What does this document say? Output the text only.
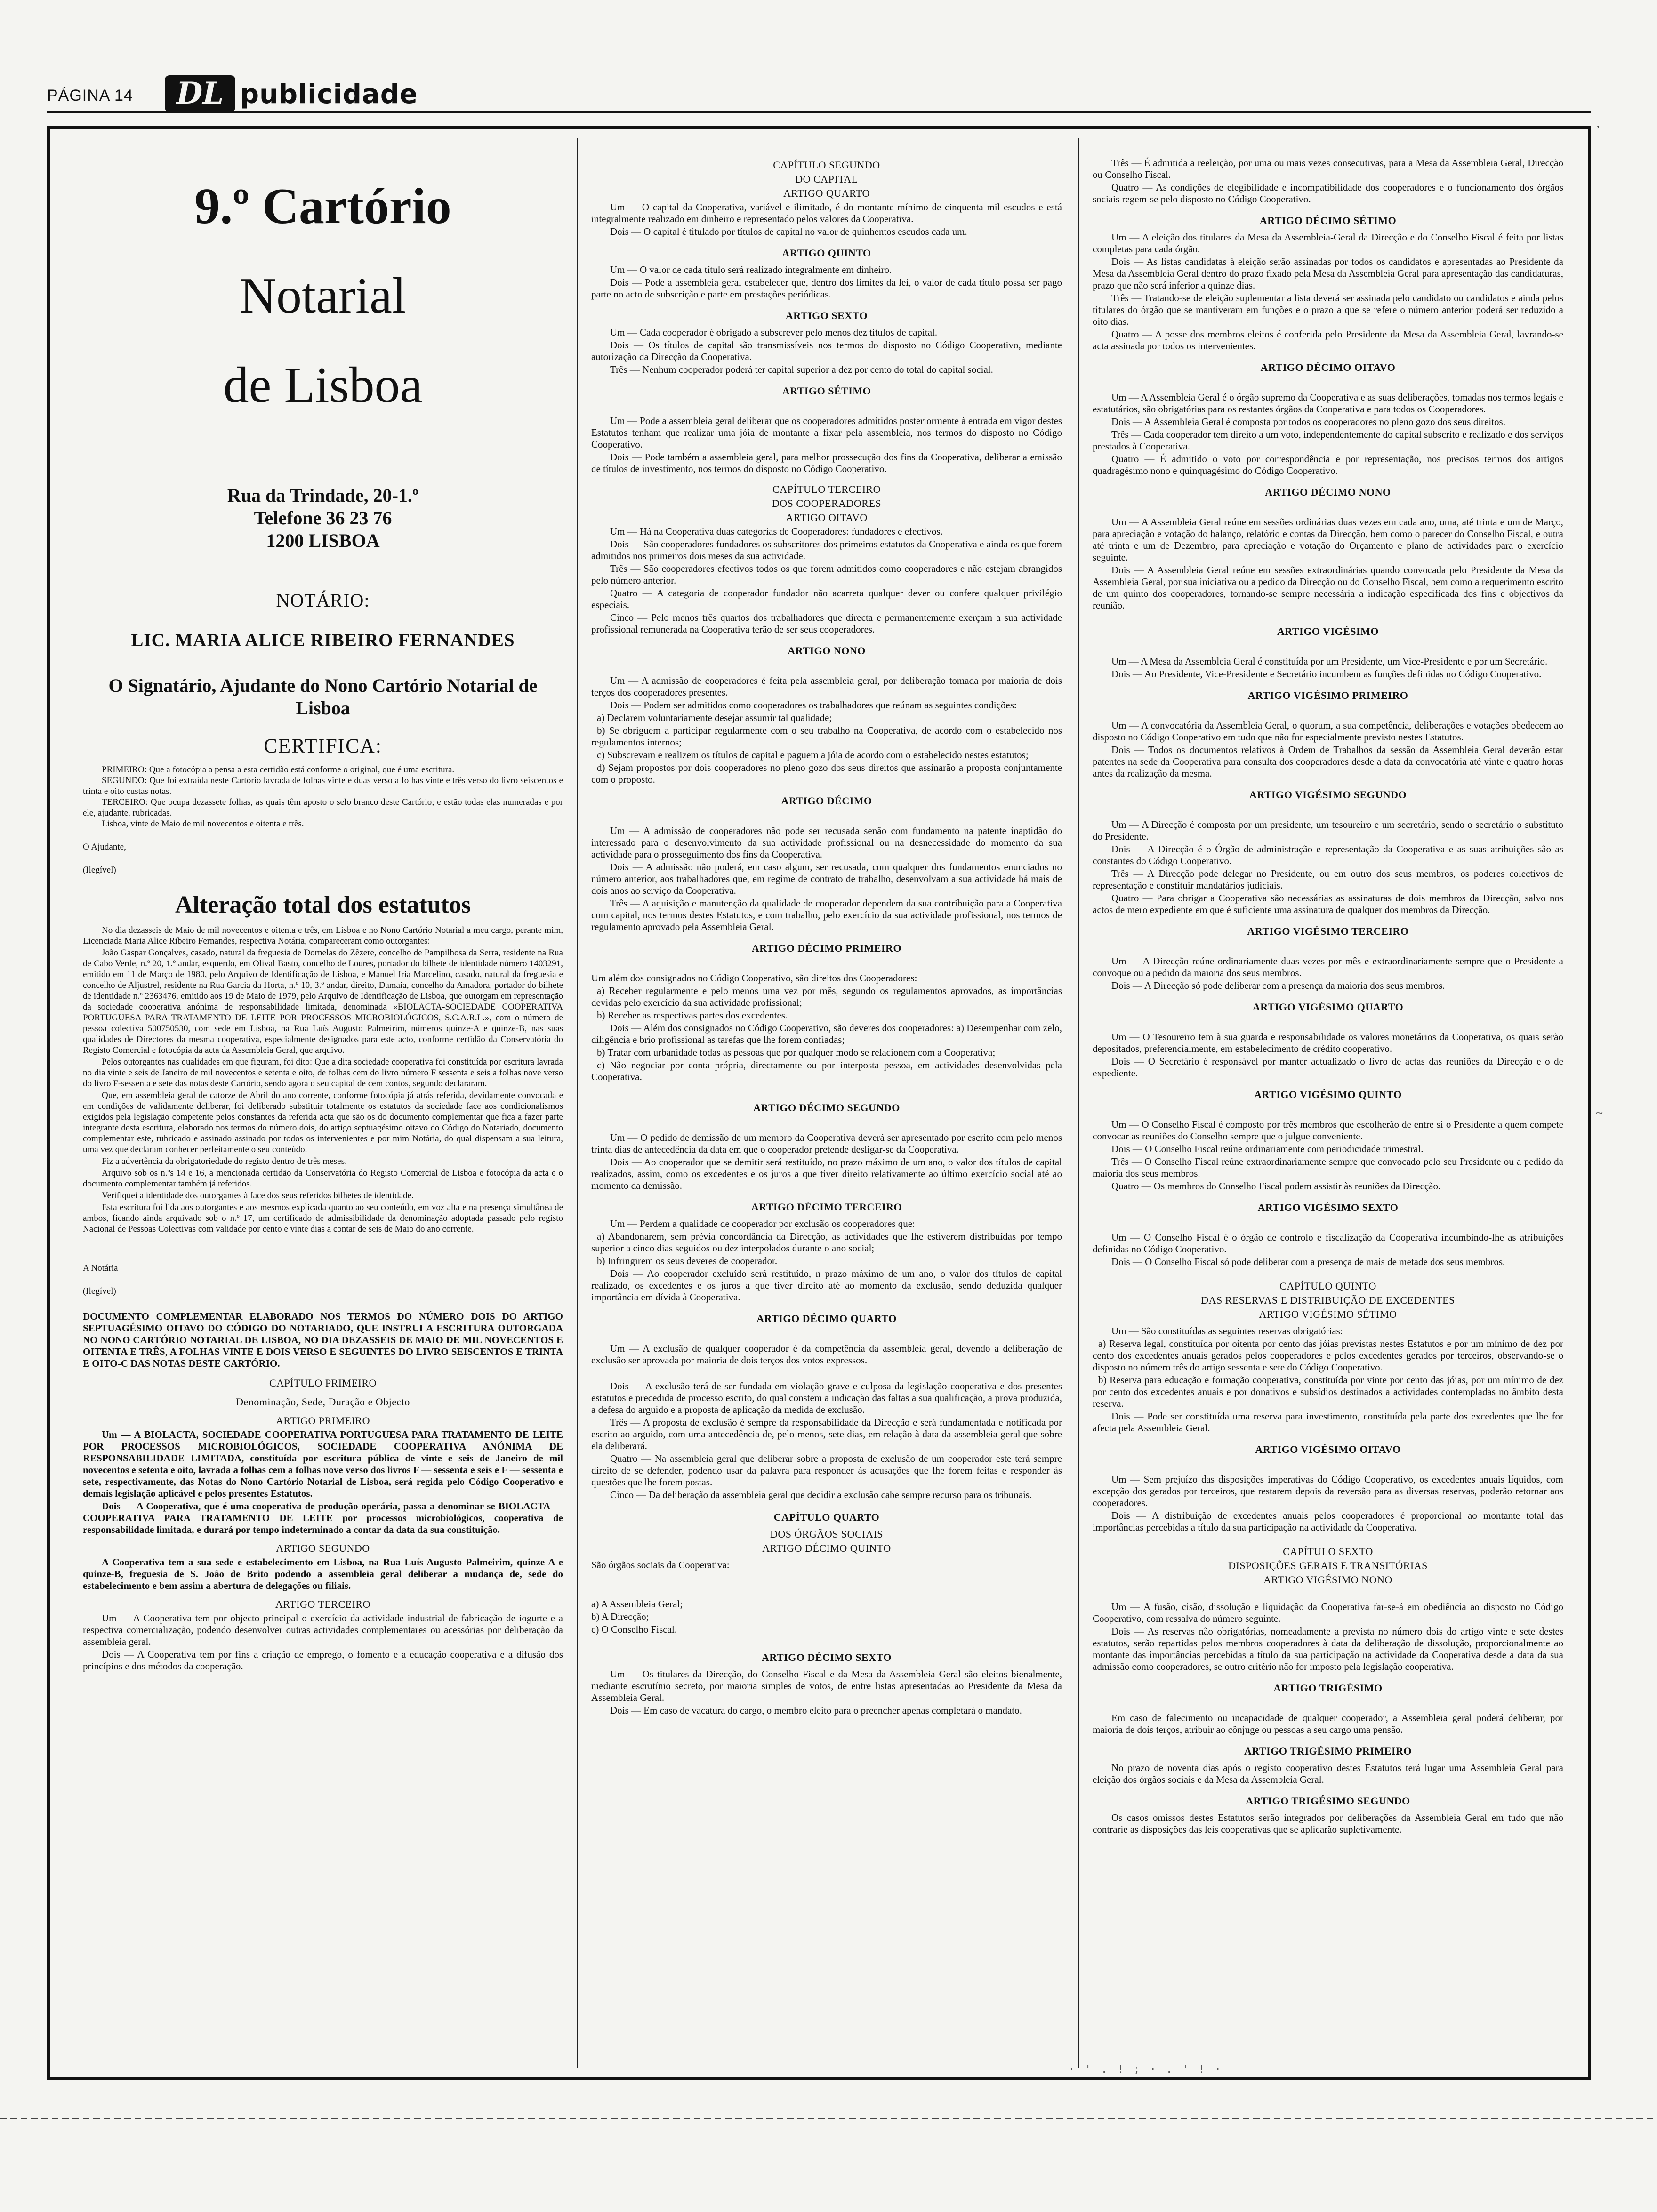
PÁGINA 14	DL publicidade
,
~
9.º Cartório
Notarial
de Lisboa
Rua da Trindade, 20-1.º
Telefone 36 23 76
1200 LISBOA
NOTÁRIO:
LIC. MARIA ALICE RIBEIRO FERNANDES
O Signatário, Ajudante do Nono Cartório Notarial de Lisboa
CERTIFICA:
PRIMEIRO: Que a fotocópia a pensa a esta certidão está conforme o original, que é uma escritura.
SEGUNDO: Que foi extraída neste Cartório lavrada de folhas vinte e duas verso a folhas vinte e três verso do livro seiscentos e trinta e oito custas notas.
TERCEIRO: Que ocupa dezassete folhas, as quais têm aposto o selo branco deste Cartório; e estão todas elas numeradas e por ele, ajudante, rubricadas.
Lisboa, vinte de Maio de mil novecentos e oitenta e três.
O Ajudante,
(Ilegível)
Alteração total dos estatutos
No dia dezasseis de Maio de mil novecentos e oitenta e três, em Lisboa e no Nono Cartório Notarial a meu cargo, perante mim, Licenciada Maria Alice Ribeiro Fernandes, respectiva Notária, compareceram como outorgantes:
João Gaspar Gonçalves, casado, natural da freguesia de Dornelas do Zêzere, concelho de Pampilhosa da Serra, residente na Rua de Cabo Verde, n.º 20, 1.º andar, esquerdo, em Olival Basto, concelho de Loures, portador do bilhete de identidade número 1403291, emitido em 11 de Março de 1980, pelo Arquivo de Identificação de Lisboa, e Manuel Iria Marcelino, casado, natural da freguesia e concelho de Aljustrel, residente na Rua Garcia da Horta, n.º 10, 3.º andar, direito, Damaia, concelho da Amadora, portador do bilhete de identidade n.º 2363476, emitido aos 19 de Maio de 1979, pelo Arquivo de Identificação de Lisboa, que outorgam em representação da sociedade cooperativa anónima de responsabilidade limitada, denominada «BIOLACTA-SOCIEDADE COOPERATIVA PORTUGUESA PARA TRATAMENTO DE LEITE POR PROCESSOS MICROBIOLÓGICOS, S.C.A.R.L.», com o número de pessoa colectiva 500750530, com sede em Lisboa, na Rua Luís Augusto Palmeirim, números quinze-A e quinze-B, nas suas qualidades de Directores da mesma cooperativa, especialmente designados para este acto, conforme certidão da Conservatória do Registo Comercial e fotocópia da acta da Assembleia Geral, que arquivo.
Pelos outorgantes nas qualidades em que figuram, foi dito: Que a dita sociedade cooperativa foi constituída por escritura lavrada no dia vinte e seis de Janeiro de mil novecentos e setenta e oito, de folhas cem do livro número F sessenta e seis a folhas nove verso do livro F-sessenta e sete das notas deste Cartório, sendo agora o seu capital de cem contos, segundo declararam.
Que, em assembleia geral de catorze de Abril do ano corrente, conforme fotocópia já atrás referida, devidamente convocada e em condições de validamente deliberar, foi deliberado substituir totalmente os estatutos da sociedade face aos condicionalismos exigidos pela legislação competente pelos constantes da referida acta que são os do documento complementar que fica a fazer parte integrante desta escritura, elaborado nos termos do número dois, do artigo septuagésimo oitavo do Código do Notariado, documento complementar este, rubricado e assinado assinado por todos os intervenientes e por mim Notária, do qual dispensam a sua leitura, uma vez que declaram conhecer perfeitamente o seu conteúdo.
Fiz a advertência da obrigatoriedade do registo dentro de três meses.
Arquivo sob os n.ºs 14 e 16, a mencionada certidão da Conservatória do Registo Comercial de Lisboa e fotocópia da acta e o documento complementar também já referidos.
Verifiquei a identidade dos outorgantes à face dos seus referidos bilhetes de identidade.
Esta escritura foi lida aos outorgantes e aos mesmos explicada quanto ao seu conteúdo, em voz alta e na presença simultânea de ambos, ficando ainda arquivado sob o n.º 17, um certificado de admissibilidade da denominação adoptada passado pelo registo Nacional de Pessoas Colectivas com validade por cento e vinte dias a contar de seis de Maio do ano corrente.
A Notária
(Ilegível)
DOCUMENTO COMPLEMENTAR ELABORADO NOS TERMOS DO NÚMERO DOIS DO ARTIGO SEPTUAGÉSIMO OITAVO DO CÓDIGO DO NOTARIADO, QUE INSTRUI A ESCRITURA OUTORGADA NO NONO CARTÓRIO NOTARIAL DE LISBOA, NO DIA DEZASSEIS DE MAIO DE MIL NOVECENTOS E OITENTA E TRÊS, A FOLHAS VINTE E DOIS VERSO E SEGUINTES DO LIVRO SEISCENTOS E TRINTA E OITO-C DAS NOTAS DESTE CARTÓRIO.
CAPÍTULO PRIMEIRO
Denominação, Sede, Duração e Objecto
ARTIGO PRIMEIRO
Um — A BIOLACTA, SOCIEDADE COOPERATIVA PORTUGUESA PARA TRATAMENTO DE LEITE POR PROCESSOS MICROBIOLÓGICOS, SOCIEDADE COOPERATIVA ANÓNIMA DE RESPONSABILIDADE LIMITADA, constituída por escritura pública de vinte e seis de Janeiro de mil novecentos e setenta e oito, lavrada a folhas cem a folhas nove verso dos livros F — sessenta e seis e F — sessenta e sete, respectivamente, das Notas do Nono Cartório Notarial de Lisboa, será regida pelo Código Cooperativo e demais legislação aplicável e pelos presentes Estatutos.
Dois — A Cooperativa, que é uma cooperativa de produção operária, passa a denominar-se BIOLACTA — COOPERATIVA PARA TRATAMENTO DE LEITE por processos microbiológicos, cooperativa de responsabilidade limitada, e durará por tempo indeterminado a contar da data da sua constituição.
ARTIGO SEGUNDO
A Cooperativa tem a sua sede e estabelecimento em Lisboa, na Rua Luís Augusto Palmeirim, quinze-A e quinze-B, freguesia de S. João de Brito podendo a assembleia geral deliberar a mudança de, sede do estabelecimento e bem assim a abertura de delegações ou filiais.
ARTIGO TERCEIRO
Um — A Cooperativa tem por objecto principal o exercício da actividade industrial de fabricação de iogurte e a respectiva comercialização, podendo desenvolver outras actividades complementares ou acessórias por deliberação da assembleia geral.
Dois — A Cooperativa tem por fins a criação de emprego, o fomento e a educação cooperativa e a difusão dos princípios e dos métodos da cooperação.
CAPÍTULO SEGUNDO
DO CAPITAL
ARTIGO QUARTO
Um — O capital da Cooperativa, variável e ilimitado, é do montante mínimo de cinquenta mil escudos e está integralmente realizado em dinheiro e representado pelos valores da Cooperativa.
Dois — O capital é titulado por títulos de capital no valor de quinhentos escudos cada um.
ARTIGO QUINTO
Um — O valor de cada título será realizado integralmente em dinheiro.
Dois — Pode a assembleia geral estabelecer que, dentro dos limites da lei, o valor de cada título possa ser pago parte no acto de subscrição e parte em prestações periódicas.
ARTIGO SEXTO
Um — Cada cooperador é obrigado a subscrever pelo menos dez títulos de capital.
Dois — Os títulos de capital são transmissíveis nos termos do disposto no Código Cooperativo, mediante autorização da Direcção da Cooperativa.
Três — Nenhum cooperador poderá ter capital superior a dez por cento do total do capital social.
ARTIGO SÉTIMO
Um — Pode a assembleia geral deliberar que os cooperadores admitidos posteriormente à entrada em vigor destes Estatutos tenham que realizar uma jóia de montante a fixar pela assembleia, nos termos do disposto no Código Cooperativo.
Dois — Pode também a assembleia geral, para melhor prossecução dos fins da Cooperativa, deliberar a emissão de títulos de investimento, nos termos do disposto no Código Cooperativo.
CAPÍTULO TERCEIRO
DOS COOPERADORES
ARTIGO OITAVO
Um — Há na Cooperativa duas categorias de Cooperadores: fundadores e efectivos.
Dois — São cooperadores fundadores os subscritores dos primeiros estatutos da Cooperativa e ainda os que forem admitidos nos primeiros dois meses da sua actividade.
Três — São cooperadores efectivos todos os que forem admitidos como cooperadores e não estejam abrangidos pelo número anterior.
Quatro — A categoria de cooperador fundador não acarreta qualquer dever ou confere qualquer privilégio especiais.
Cinco — Pelo menos três quartos dos trabalhadores que directa e permanentemente exerçam a sua actividade profissional remunerada na Cooperativa terão de ser seus cooperadores.
ARTIGO NONO
Um — A admissão de cooperadores é feita pela assembleia geral, por deliberação tomada por maioria de dois terços dos cooperadores presentes.
Dois — Podem ser admitidos como cooperadores os trabalhadores que reúnam as seguintes condições:
a) Declarem voluntariamente desejar assumir tal qualidade;
b) Se obriguem a participar regularmente com o seu trabalho na Cooperativa, de acordo com o estabelecido nos regulamentos internos;
c) Subscrevam e realizem os títulos de capital e paguem a jóia de acordo com o estabelecido nestes estatutos;
d) Sejam propostos por dois cooperadores no pleno gozo dos seus direitos que assinarão a proposta conjuntamente com o proposto.
ARTIGO DÉCIMO
Um — A admissão de cooperadores não pode ser recusada senão com fundamento na patente inaptidão do interessado para o desenvolvimento da sua actividade profissional ou na desnecessidade do momento da sua actividade para o prosseguimento dos fins da Cooperativa.
Dois — A admissão não poderá, em caso algum, ser recusada, com qualquer dos fundamentos enunciados no número anterior, aos trabalhadores que, em regime de contrato de trabalho, desenvolvam a sua actividade há mais de dois anos ao serviço da Cooperativa.
Três — A aquisição e manutenção da qualidade de cooperador dependem da sua contribuição para a Cooperativa com capital, nos termos destes Estatutos, e com trabalho, pelo exercício da sua actividade profissional, nos termos de regulamento aprovado pela Assembleia Geral.
ARTIGO DÉCIMO PRIMEIRO
Um além dos consignados no Código Cooperativo, são direitos dos Cooperadores:
a) Receber regularmente e pelo menos uma vez por mês, segundo os regulamentos aprovados, as importâncias devidas pelo exercício da sua actividade profissional;
b) Receber as respectivas partes dos excedentes.
Dois — Além dos consignados no Código Cooperativo, são deveres dos cooperadores: a) Desempenhar com zelo, diligência e brio profissional as tarefas que lhe forem confiadas;
b) Tratar com urbanidade todas as pessoas que por qualquer modo se relacionem com a Cooperativa;
c) Não negociar por conta própria, directamente ou por interposta pessoa, em actividades desenvolvidas pela Cooperativa.
ARTIGO DÉCIMO SEGUNDO
Um — O pedido de demissão de um membro da Cooperativa deverá ser apresentado por escrito com pelo menos trinta dias de antecedência da data em que o cooperador pretende desligar-se da Cooperativa.
Dois — Ao cooperador que se demitir será restituído, no prazo máximo de um ano, o valor dos títulos de capital realizados, assim, como os excedentes e os juros a que tiver direito relativamente ao último exercício social até ao momento da demissão.
ARTIGO DÉCIMO TERCEIRO
Um — Perdem a qualidade de cooperador por exclusão os cooperadores que:
a) Abandonarem, sem prévia concordância da Direcção, as actividades que lhe estiverem distribuídas por tempo superior a cinco dias seguidos ou dez interpolados durante o ano social;
b) Infringirem os seus deveres de cooperador.
Dois — Ao cooperador excluído será restituído, n prazo máximo de um ano, o valor dos títulos de capital realizado, os excedentes e os juros a que tiver direito até ao momento da exclusão, sendo deduzida qualquer importância em dívida à Cooperativa.
ARTIGO DÉCIMO QUARTO
Um — A exclusão de qualquer cooperador é da competência da assembleia geral, devendo a deliberação de exclusão ser aprovada por maioria de dois terços dos votos expressos.
Dois — A exclusão terá de ser fundada em violação grave e culposa da legislação cooperativa e dos presentes estatutos e precedida de processo escrito, do qual constem a indicação das faltas a sua qualificação, a prova produzida, a defesa do arguido e a proposta de aplicação da medida de exclusão.
Três — A proposta de exclusão é sempre da responsabilidade da Direcção e será fundamentada e notificada por escrito ao arguido, com uma antecedência de, pelo menos, sete dias, em relação à data da assembleia geral que sobre ela deliberará.
Quatro — Na assembleia geral que deliberar sobre a proposta de exclusão de um cooperador este terá sempre direito de se defender, podendo usar da palavra para responder às acusações que lhe forem feitas e responder às questões que lhe forem postas.
Cinco — Da deliberação da assembleia geral que decidir a exclusão cabe sempre recurso para os tribunais.
CAPÍTULO QUARTO
DOS ÓRGÃOS SOCIAIS
ARTIGO DÉCIMO QUINTO
São órgãos sociais da Cooperativa:
a) A Assembleia Geral;
b) A Direcção;
c) O Conselho Fiscal.
ARTIGO DÉCIMO SEXTO
Um — Os titulares da Direcção, do Conselho Fiscal e da Mesa da Assembleia Geral são eleitos bienalmente, mediante escrutínio secreto, por maioria simples de votos, de entre listas apresentadas ao Presidente da Mesa da Assembleia Geral.
Dois — Em caso de vacatura do cargo, o membro eleito para o preencher apenas completará o mandato.
Três — É admitida a reeleição, por uma ou mais vezes consecutivas, para a Mesa da Assembleia Geral, Direcção ou Conselho Fiscal.
Quatro — As condições de elegibilidade e incompatibilidade dos cooperadores e o funcionamento dos órgãos sociais regem-se pelo disposto no Código Cooperativo.
ARTIGO DÉCIMO SÉTIMO
Um — A eleição dos titulares da Mesa da Assembleia-Geral da Direcção e do Conselho Fiscal é feita por listas completas para cada órgão.
Dois — As listas candidatas à eleição serão assinadas por todos os candidatos e apresentadas ao Presidente da Mesa da Assembleia Geral dentro do prazo fixado pela Mesa da Assembleia Geral para apresentação das candidaturas, prazo que não será inferior a quinze dias.
Três — Tratando-se de eleição suplementar a lista deverá ser assinada pelo candidato ou candidatos e ainda pelos titulares do órgão que se mantiveram em funções e o prazo a que se refere o número anterior poderá ser reduzido a oito dias.
Quatro — A posse dos membros eleitos é conferida pelo Presidente da Mesa da Assembleia Geral, lavrando-se acta assinada por todos os intervenientes.
ARTIGO DÉCIMO OITAVO
Um — A Assembleia Geral é o órgão supremo da Cooperativa e as suas deliberações, tomadas nos termos legais e estatutários, são obrigatórias para os restantes órgãos da Cooperativa e para todos os Cooperadores.
Dois — A Assembleia Geral é composta por todos os cooperadores no pleno gozo dos seus direitos.
Três — Cada cooperador tem direito a um voto, independentemente do capital subscrito e realizado e dos serviços prestados à Cooperativa.
Quatro — É admitido o voto por correspondência e por representação, nos precisos termos dos artigos quadragésimo nono e quinquagésimo do Código Cooperativo.
ARTIGO DÉCIMO NONO
Um — A Assembleia Geral reúne em sessões ordinárias duas vezes em cada ano, uma, até trinta e um de Março, para apreciação e votação do balanço, relatório e contas da Direcção, bem como o parecer do Conselho Fiscal, e outra até trinta e um de Dezembro, para apreciação e votação do Orçamento e plano de actividades para o exercício seguinte.
Dois — A Assembleia Geral reúne em sessões extraordinárias quando convocada pelo Presidente da Mesa da Assembleia Geral, por sua iniciativa ou a pedido da Direcção ou do Conselho Fiscal, bem como a requerimento escrito de um quinto dos cooperadores, tornando-se sempre necessária a indicação especificada dos fins e objectivos da reunião.
ARTIGO VIGÉSIMO
Um — A Mesa da Assembleia Geral é constituída por um Presidente, um Vice-Presidente e por um Secretário.
Dois — Ao Presidente, Vice-Presidente e Secretário incumbem as funções definidas no Código Cooperativo.
ARTIGO VIGÉSIMO PRIMEIRO
Um — A convocatória da Assembleia Geral, o quorum, a sua competência, deliberações e votações obedecem ao disposto no Código Cooperativo em tudo que não for especialmente previsto nestes Estatutos.
Dois — Todos os documentos relativos à Ordem de Trabalhos da sessão da Assembleia Geral deverão estar patentes na sede da Cooperativa para consulta dos cooperadores desde a data da convocatória até vinte e quatro horas antes da realização da mesma.
ARTIGO VIGÉSIMO SEGUNDO
Um — A Direcção é composta por um presidente, um tesoureiro e um secretário, sendo o secretário o substituto do Presidente.
Dois — A Direcção é o Órgão de administração e representação da Cooperativa e as suas atribuições são as constantes do Código Cooperativo.
Três — A Direcção pode delegar no Presidente, ou em outro dos seus membros, os poderes colectivos de representação e constituir mandatários judiciais.
Quatro — Para obrigar a Cooperativa são necessárias as assinaturas de dois membros da Direcção, salvo nos actos de mero expediente em que é suficiente uma assinatura de qualquer dos membros da Direcção.
ARTIGO VIGÉSIMO TERCEIRO
Um — A Direcção reúne ordinariamente duas vezes por mês e extraordinariamente sempre que o Presidente a convoque ou a pedido da maioria dos seus membros.
Dois — A Direcção só pode deliberar com a presença da maioria dos seus membros.
ARTIGO VIGÉSIMO QUARTO
Um — O Tesoureiro tem à sua guarda e responsabilidade os valores monetários da Cooperativa, os quais serão depositados, preferencialmente, em estabelecimento de crédito cooperativo.
Dois — O Secretário é responsável por manter actualizado o livro de actas das reuniões da Direcção e o de expediente.
ARTIGO VIGÉSIMO QUINTO
Um — O Conselho Fiscal é composto por três membros que escolherão de entre si o Presidente a quem compete convocar as reuniões do Conselho sempre que o julgue conveniente.
Dois — O Conselho Fiscal reúne ordinariamente com periodicidade trimestral.
Três — O Conselho Fiscal reúne extraordinariamente sempre que convocado pelo seu Presidente ou a pedido da maioria dos seus membros.
Quatro — Os membros do Conselho Fiscal podem assistir às reuniões da Direcção.
ARTIGO VIGÉSIMO SEXTO
Um — O Conselho Fiscal é o órgão de controlo e fiscalização da Cooperativa incumbindo-lhe as atribuições definidas no Código Cooperativo.
Dois — O Conselho Fiscal só pode deliberar com a presença de mais de metade dos seus membros.
CAPÍTULO QUINTO
DAS RESERVAS E DISTRIBUIÇÃO DE EXCEDENTES
ARTIGO VIGÉSIMO SÉTIMO
Um — São constituídas as seguintes reservas obrigatórias:
a) Reserva legal, constituída por oitenta por cento das jóias previstas nestes Estatutos e por um mínimo de dez por cento dos excedentes anuais gerados pelos cooperadores e pelos excedentes gerados por terceiros, observando-se o disposto no número três do artigo sessenta e sete do Código Cooperativo.
b) Reserva para educação e formação cooperativa, constituída por vinte por cento das jóias, por um mínimo de dez por cento dos excedentes anuais e por donativos e subsídios destinados a actividades contempladas no âmbito desta reserva.
Dois — Pode ser constituída uma reserva para investimento, constituída pela parte dos excedentes que lhe for afecta pela Assembleia Geral.
ARTIGO VIGÉSIMO OITAVO
Um — Sem prejuízo das disposições imperativas do Código Cooperativo, os excedentes anuais líquidos, com excepção dos gerados por terceiros, que restarem depois da reversão para as diversas reservas, poderão retornar aos cooperadores.
Dois — A distribuição de excedentes anuais pelos cooperadores é proporcional ao montante total das importâncias percebidas a título da sua participação na actividade da Cooperativa.
CAPÍTULO SEXTO
DISPOSIÇÕES GERAIS E TRANSITÓRIAS
ARTIGO VIGÉSIMO NONO
Um — A fusão, cisão, dissolução e liquidação da Cooperativa far-se-á em obediência ao disposto no Código Cooperativo, com ressalva do número seguinte.
Dois — As reservas não obrigatórias, nomeadamente a prevista no número dois do artigo vinte e sete destes estatutos, serão repartidas pelos membros cooperadores à data da deliberação de dissolução, proporcionalmente ao montante das importâncias percebidas a título da sua participação na actividade da Cooperativa desde a data da sua admissão como cooperadores, se outro critério não for imposto pela legislação cooperativa.
ARTIGO TRIGÉSIMO
Em caso de falecimento ou incapacidade de qualquer cooperador, a Assembleia geral poderá deliberar, por maioria de dois terços, atribuir ao cônjuge ou pessoas a seu cargo uma pensão.
ARTIGO TRIGÉSIMO PRIMEIRO
No prazo de noventa dias após o registo cooperativo destes Estatutos terá lugar uma Assembleia Geral para eleição dos órgãos sociais e da Mesa da Assembleia Geral.
ARTIGO TRIGÉSIMO SEGUNDO
Os casos omissos destes Estatutos serão integrados por deliberações da Assembleia Geral em tudo que não contrarie as disposições das leis cooperativas que se aplicarão supletivamente.
· ' . ! ; · . ' ! ·
